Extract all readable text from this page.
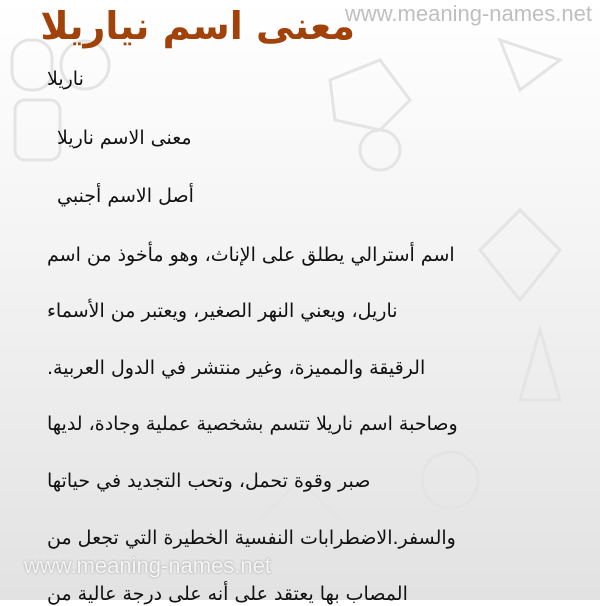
www.meaning-names.net
معنى اسم نياريلا
ناريلا
معنى الاسم ناريلا
أصل الاسم أجنبي
اسم أسترالي يطلق على الإناث، وهو مأخوذ من اسم
ناريل، ويعني النهر الصغير، ويعتبر من الأسماء
الرقيقة والمميزة، وغير منتشر في الدول العربية.
وصاحبة اسم ناريلا تتسم بشخصية عملية وجادة، لديها
صبر وقوة تحمل، وتحب التجديد في حياتها
والسفر.الاضطرابات النفسية الخطيرة التي تجعل من
المصاب بها يعتقد على أنه على درجة عالية من
www.meaning-names.net
